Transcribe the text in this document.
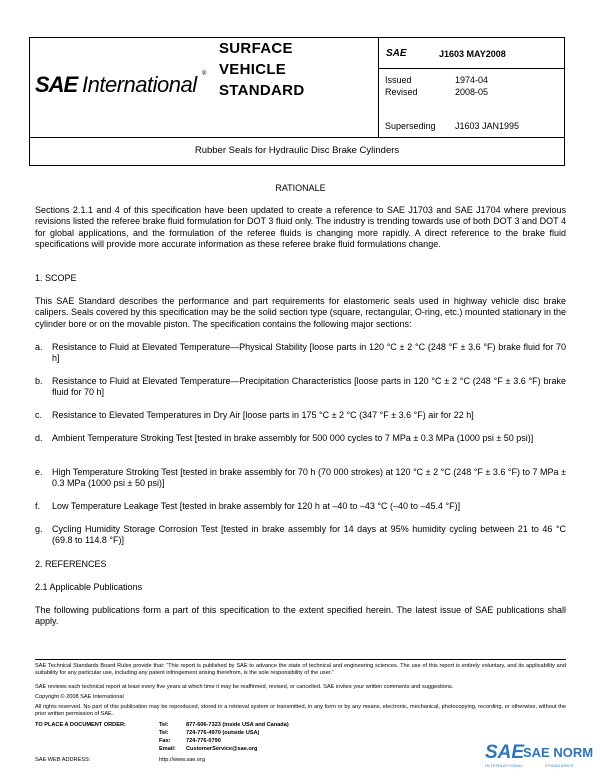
SAE International ®
SURFACE
VEHICLE
STANDARD
SAE	J1603 MAY2008
Issued	1974-04
Revised	2008-05
Superseding J1603 JAN1995
Rubber Seals for Hydraulic Disc Brake Cylinders
RATIONALE
Sections 2.1.1 and 4 of this specification have been updated to create a reference to SAE J1703 and SAE J1704 where previous revisions listed the referee brake fluid formulation for DOT 3 fluid only. The industry is trending towards use of both DOT 3 and DOT 4 for global applications, and the formulation of the referee fluids is changing more rapidly. A direct reference to the brake fluid specifications will provide more accurate information as these referee brake fluid formulations change.
1. SCOPE
This SAE Standard describes the performance and part requirements for elastomeric seals used in highway vehicle disc brake calipers. Seals covered by this specification may be the solid section type (square, rectangular, O-ring, etc.) mounted stationary in the cylinder bore or on the movable piston. The specification contains the following major sections:
a. Resistance to Fluid at Elevated Temperature—Physical Stability [loose parts in 120 °C ± 2 °C (248 °F ± 3.6 °F) brake fluid for 70 h]
b. Resistance to Fluid at Elevated Temperature—Precipitation Characteristics [loose parts in 120 °C ± 2 °C (248 °F ± 3.6 °F) brake fluid for 70 h]
c. Resistance to Elevated Temperatures in Dry Air [loose parts in 175 °C ± 2 °C (347 °F ± 3.6 °F) air for 22 h]
d. Ambient Temperature Stroking Test [tested in brake assembly for 500 000 cycles to 7 MPa ± 0.3 MPa (1000 psi ± 50 psi)]
e. High Temperature Stroking Test [tested in brake assembly for 70 h (70 000 strokes) at 120 °C ± 2 °C (248 °F ± 3.6 °F) to 7 MPa ± 0.3 MPa (1000 psi ± 50 psi)]
f. Low Temperature Leakage Test [tested in brake assembly for 120 h at –40 to –43 °C (–40 to –45.4 °F)]
g. Cycling Humidity Storage Corrosion Test [tested in brake assembly for 14 days at 95% humidity cycling between 21 to 46 °C (69.8 to 114.8 °F)]
2. REFERENCES
2.1 Applicable Publications
The following publications form a part of this specification to the extent specified herein. The latest issue of SAE publications shall apply.
SAE Technical Standards Board Rules provide that: “This report is published by SAE to advance the state of technical and engineering sciences. The use of this report is entirely voluntary, and its applicability and suitability for any particular use, including any patent infringement arising therefrom, is the sole responsibility of the user.”
SAE reviews each technical report at least every five years at which time it may be reaffirmed, revised, or cancelled. SAE invites your written comments and suggestions.
Copyright © 2008 SAE International
All rights reserved. No part of this publication may be reproduced, stored in a retrieval system or transmitted, in any form or by any means, electronic, mechanical, photocopying, recording, or otherwise, without the prior written permission of SAE.
TO PLACE A DOCUMENT ORDER:	Tel:	877-606-7323 (inside USA and Canada)
Tel:	724-776-4970 (outside USA)
Fax:	724-776-0790
Email: CustomerService@sae.org
SAE WEB ADDRESS:	http://www.sae.org	SAE
SAE NORM
INTERNATIONAL	STANDARDS
